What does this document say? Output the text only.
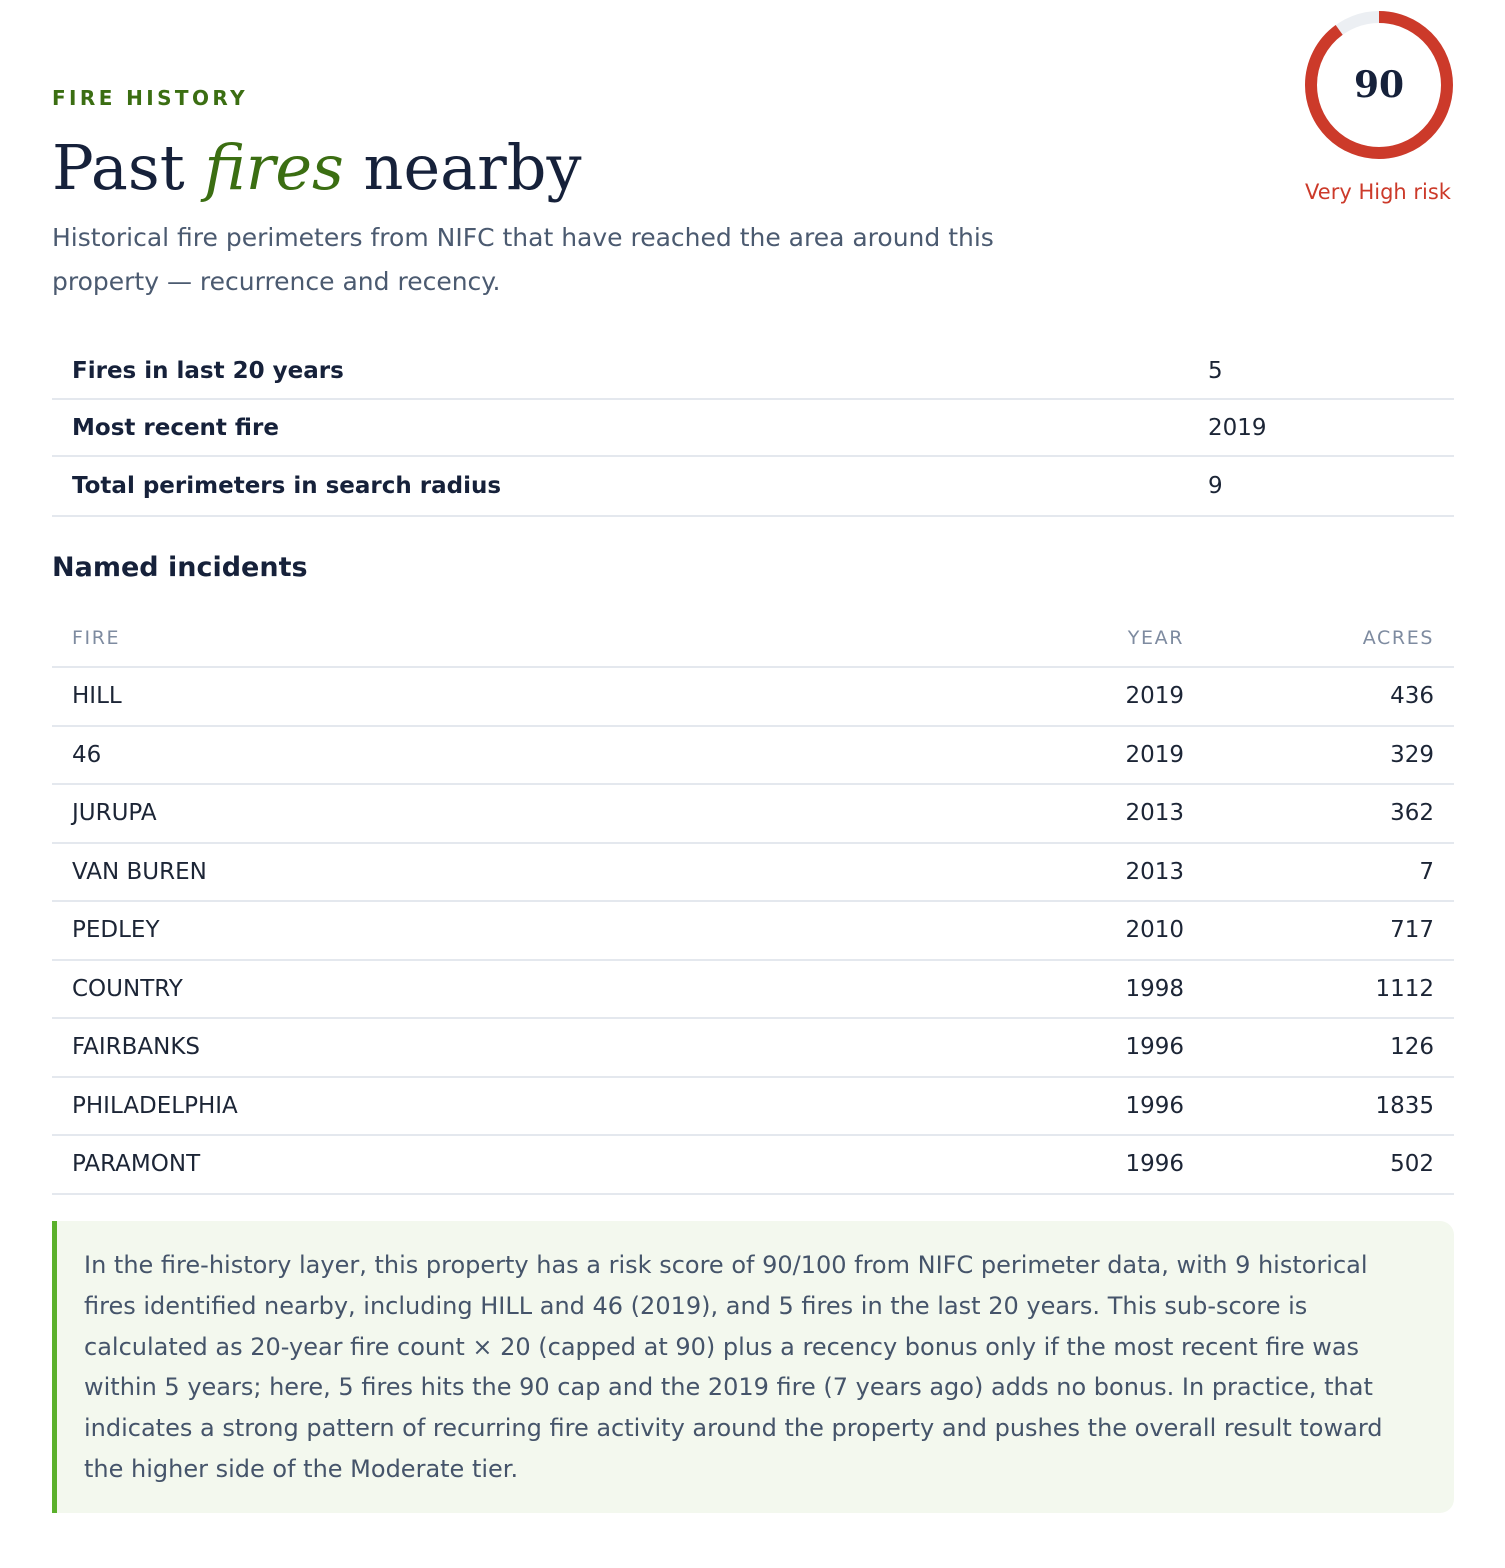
FIRE HISTORY
Past fires nearby

Historical fire perimeters from NIFC that have reached the area around this property — recurrence and recency.

90
Very High risk
Fires in last 20 years	5
Most recent fire	2019
Total perimeters in search radius	9
Named incidents
FIRE	YEAR	ACRES
HILL	2019	436
46	2019	329
JURUPA	2013	362
VAN BUREN	2013	7
PEDLEY	2010	717
COUNTRY	1998	1112
FAIRBANKS	1996	126
PHILADELPHIA	1996	1835
PARAMONT	1996	502

In the fire-history layer, this property has a risk score of 90/100 from NIFC perimeter data, with 9 historical fires identified nearby, including HILL and 46 (2019), and 5 fires in the last 20 years. This sub-score is calculated as 20-year fire count × 20 (capped at 90) plus a recency bonus only if the most recent fire was within 5 years; here, 5 fires hits the 90 cap and the 2019 fire (7 years ago) adds no bonus. In practice, that indicates a strong pattern of recurring fire activity around the property and pushes the overall result toward the higher side of the Moderate tier.
